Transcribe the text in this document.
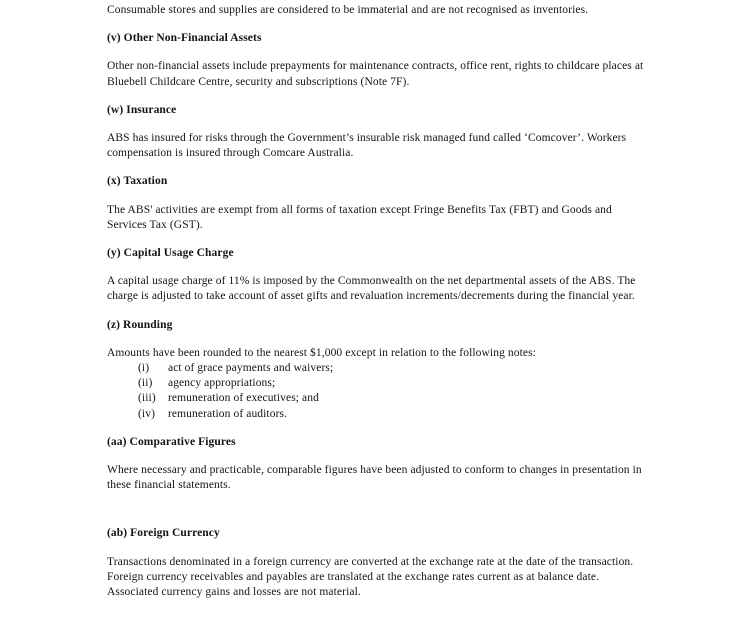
Consumable stores and supplies are considered to be immaterial and are not recognised as inventories.

(v) Other Non-Financial Assets

Other non-financial assets include prepayments for maintenance contracts, office rent, rights to childcare places at Bluebell Childcare Centre, security and subscriptions (Note 7F).

(w) Insurance

ABS has insured for risks through the Government’s insurable risk managed fund called ‘Comcover’. Workers compensation is insured through Comcare Australia.

(x) Taxation

The ABS' activities are exempt from all forms of taxation except Fringe Benefits Tax (FBT) and Goods and Services Tax (GST).

(y) Capital Usage Charge

A capital usage charge of 11% is imposed by the Commonwealth on the net departmental assets of the ABS. The charge is adjusted to take account of asset gifts and revaluation increments/decrements during the financial year.

(z) Rounding

Amounts have been rounded to the nearest $1,000 except in relation to the following notes:

(i) act of grace payments and waivers;
(ii) agency appropriations;
(iii) remuneration of executives; and
(iv) remuneration of auditors.
(aa) Comparative Figures

Where necessary and practicable, comparable figures have been adjusted to conform to changes in presentation in these financial statements.

(ab) Foreign Currency

Transactions denominated in a foreign currency are converted at the exchange rate at the date of the transaction. Foreign currency receivables and payables are translated at the exchange rates current as at balance date. Associated currency gains and losses are not material.
